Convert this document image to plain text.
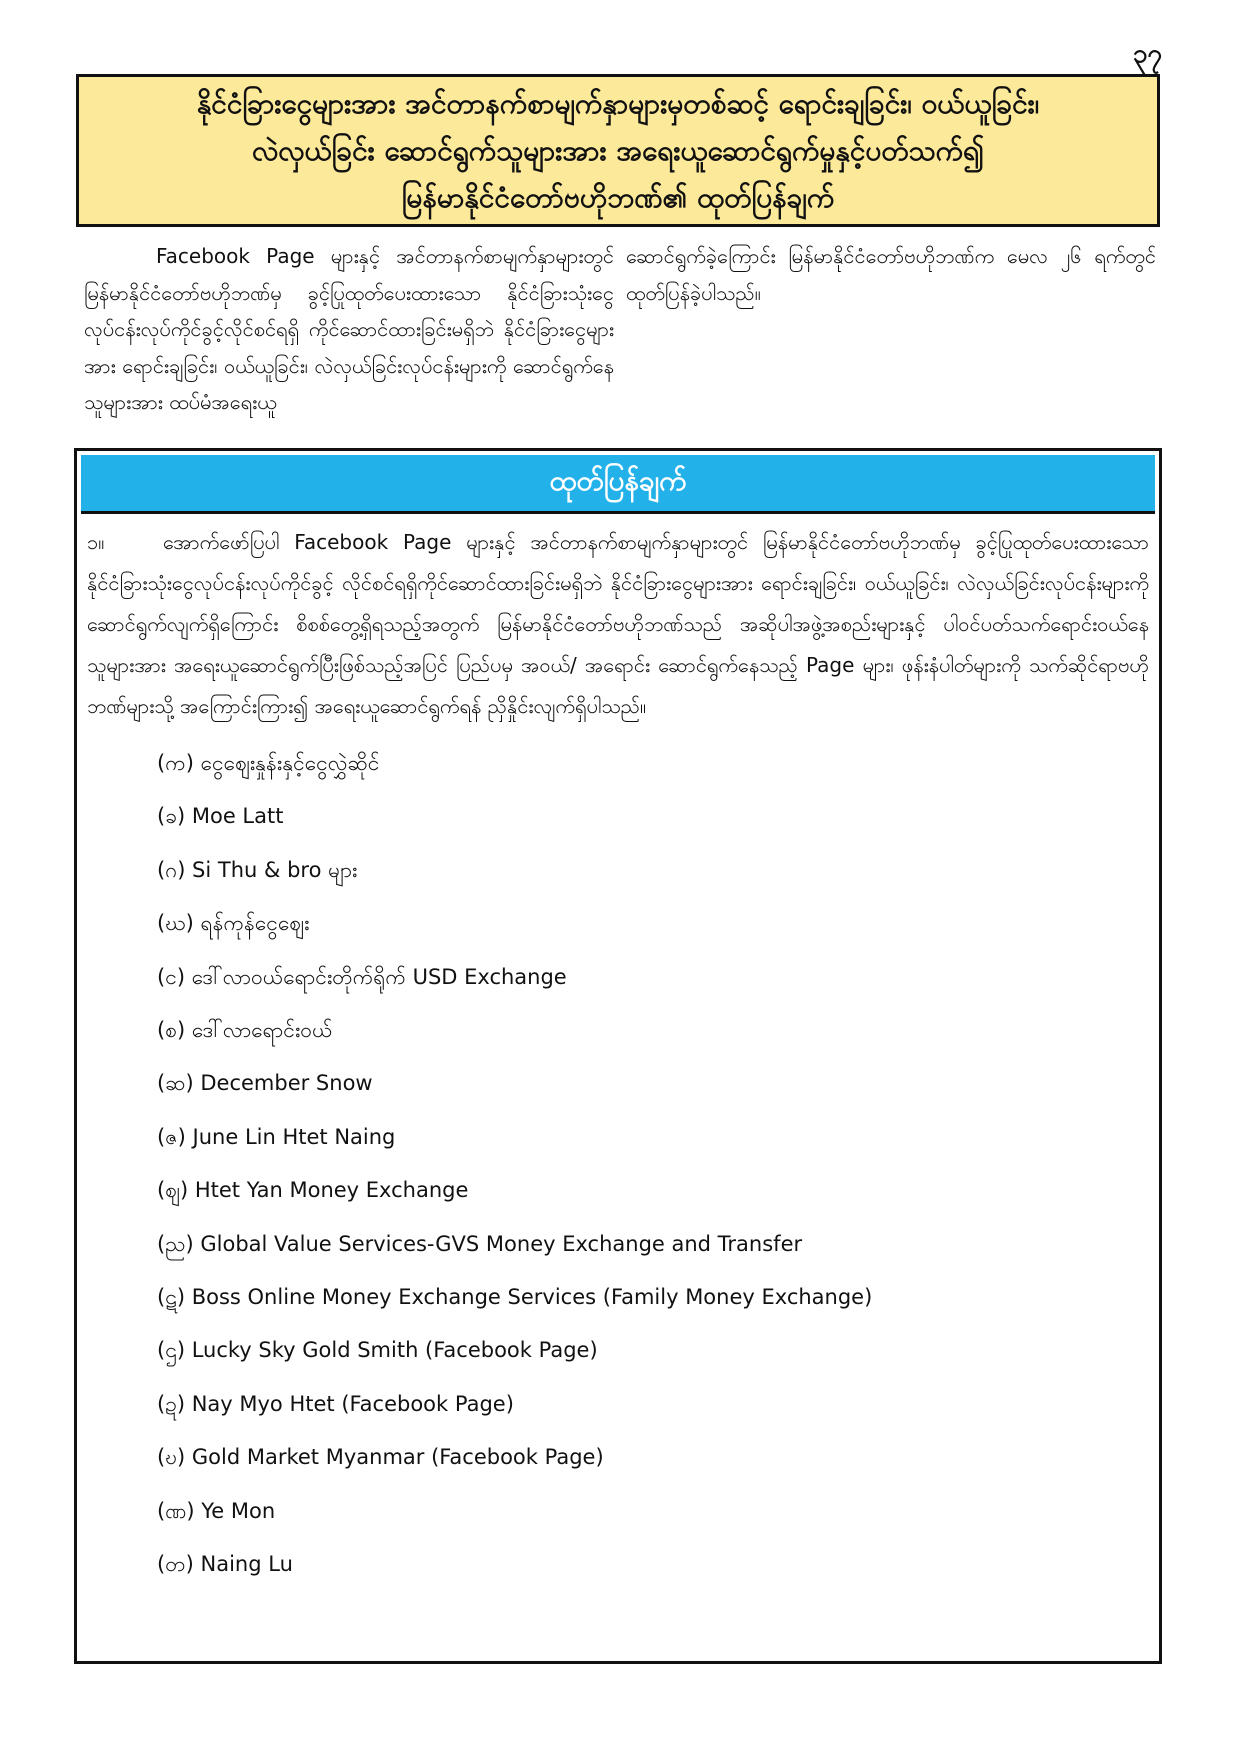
၃၇
နိုင်ငံခြားငွေများအား အင်တာနက်စာမျက်နှာများမှတစ်ဆင့် ရောင်းချခြင်း၊ ဝယ်ယူခြင်း၊
လဲလှယ်ခြင်း ဆောင်ရွက်သူများအား အရေးယူဆောင်ရွက်မှုနှင့်ပတ်သက်၍
မြန်မာနိုင်ငံတော်ဗဟိုဘဏ်၏ ထုတ်ပြန်ချက်
Facebook Page များနှင့် အင်တာနက်စာမျက်နှာများတွင် မြန်မာနိုင်ငံတော်ဗဟိုဘဏ်မှ ခွင့်ပြုထုတ်ပေးထားသော နိုင်ငံခြားသုံးငွေလုပ်ငန်းလုပ်ကိုင်ခွင့်လိုင်စင်ရရှိ ကိုင်ဆောင်ထားခြင်းမရှိဘဲ နိုင်ငံခြားငွေများအား ရောင်းချခြင်း၊ ဝယ်ယူခြင်း၊ လဲလှယ်ခြင်းလုပ်ငန်းများကို ဆောင်ရွက်နေသူများအား ထပ်မံအရေးယူ
ဆောင်ရွက်ခဲ့ကြောင်း မြန်မာနိုင်ငံတော်ဗဟိုဘဏ်က မေလ ၂၆ ရက်တွင်ထုတ်ပြန်ခဲ့ပါသည်။
ထုတ်ပြန်ချက်
၁။	အောက်ဖော်ပြပါ Facebook Page များနှင့် အင်တာနက်စာမျက်နှာများတွင် မြန်မာနိုင်ငံတော်ဗဟိုဘဏ်မှ ခွင့်ပြုထုတ်ပေးထားသော နိုင်ငံခြားသုံးငွေလုပ်ငန်းလုပ်ကိုင်ခွင့် လိုင်စင်ရရှိကိုင်ဆောင်ထားခြင်းမရှိဘဲ နိုင်ငံခြားငွေများအား ရောင်းချခြင်း၊ ဝယ်ယူခြင်း၊ လဲလှယ်ခြင်းလုပ်ငန်းများကို ဆောင်ရွက်လျက်ရှိကြောင်း စိစစ်တွေ့ရှိရသည့်အတွက် မြန်မာနိုင်ငံတော်ဗဟိုဘဏ်သည် အဆိုပါအဖွဲ့အစည်းများနှင့် ပါဝင်ပတ်သက်ရောင်းဝယ်နေသူများအား အရေးယူဆောင်ရွက်ပြီးဖြစ်သည့်အပြင် ပြည်ပမှ အဝယ်/ အရောင်း ဆောင်ရွက်နေသည့် Page များ၊ ဖုန်းနံပါတ်များကို သက်ဆိုင်ရာဗဟိုဘဏ်များသို့ အကြောင်းကြား၍ အရေးယူဆောင်ရွက်ရန် ညှိနှိုင်းလျက်ရှိပါသည်။
(က) ငွေဈေးနှုန်းနှင့်ငွေလွှဲဆိုင်
(ခ) Moe Latt
(ဂ) Si Thu & bro များ
(ဃ) ရန်ကုန်ငွေဈေး
(င) ဒေါ်လာဝယ်ရောင်းတိုက်ရိုက် USD Exchange
(စ) ဒေါ်လာရောင်းဝယ်
(ဆ) December Snow
(ဇ) June Lin Htet Naing
(ဈ) Htet Yan Money Exchange
(ည) Global Value Services-GVS Money Exchange and Transfer
(ဋ) Boss Online Money Exchange Services (Family Money Exchange)
(ဌ) Lucky Sky Gold Smith (Facebook Page)
(ဍ) Nay Myo Htet (Facebook Page)
(ဎ) Gold Market Myanmar (Facebook Page)
(ဏ) Ye Mon
(တ) Naing Lu
